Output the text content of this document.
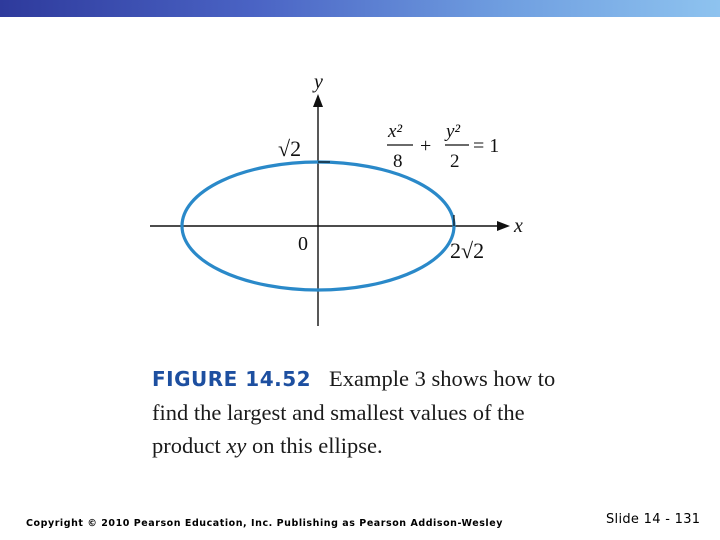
y
x
0
√2
2√2
x²
8
+
y²
2
= 1
FIGURE 14.52 Example 3 shows how to find the largest and smallest values of the product xy on this ellipse.
Copyright © 2010 Pearson Education, Inc. Publishing as Pearson Addison-Wesley	Slide 14 - 131
